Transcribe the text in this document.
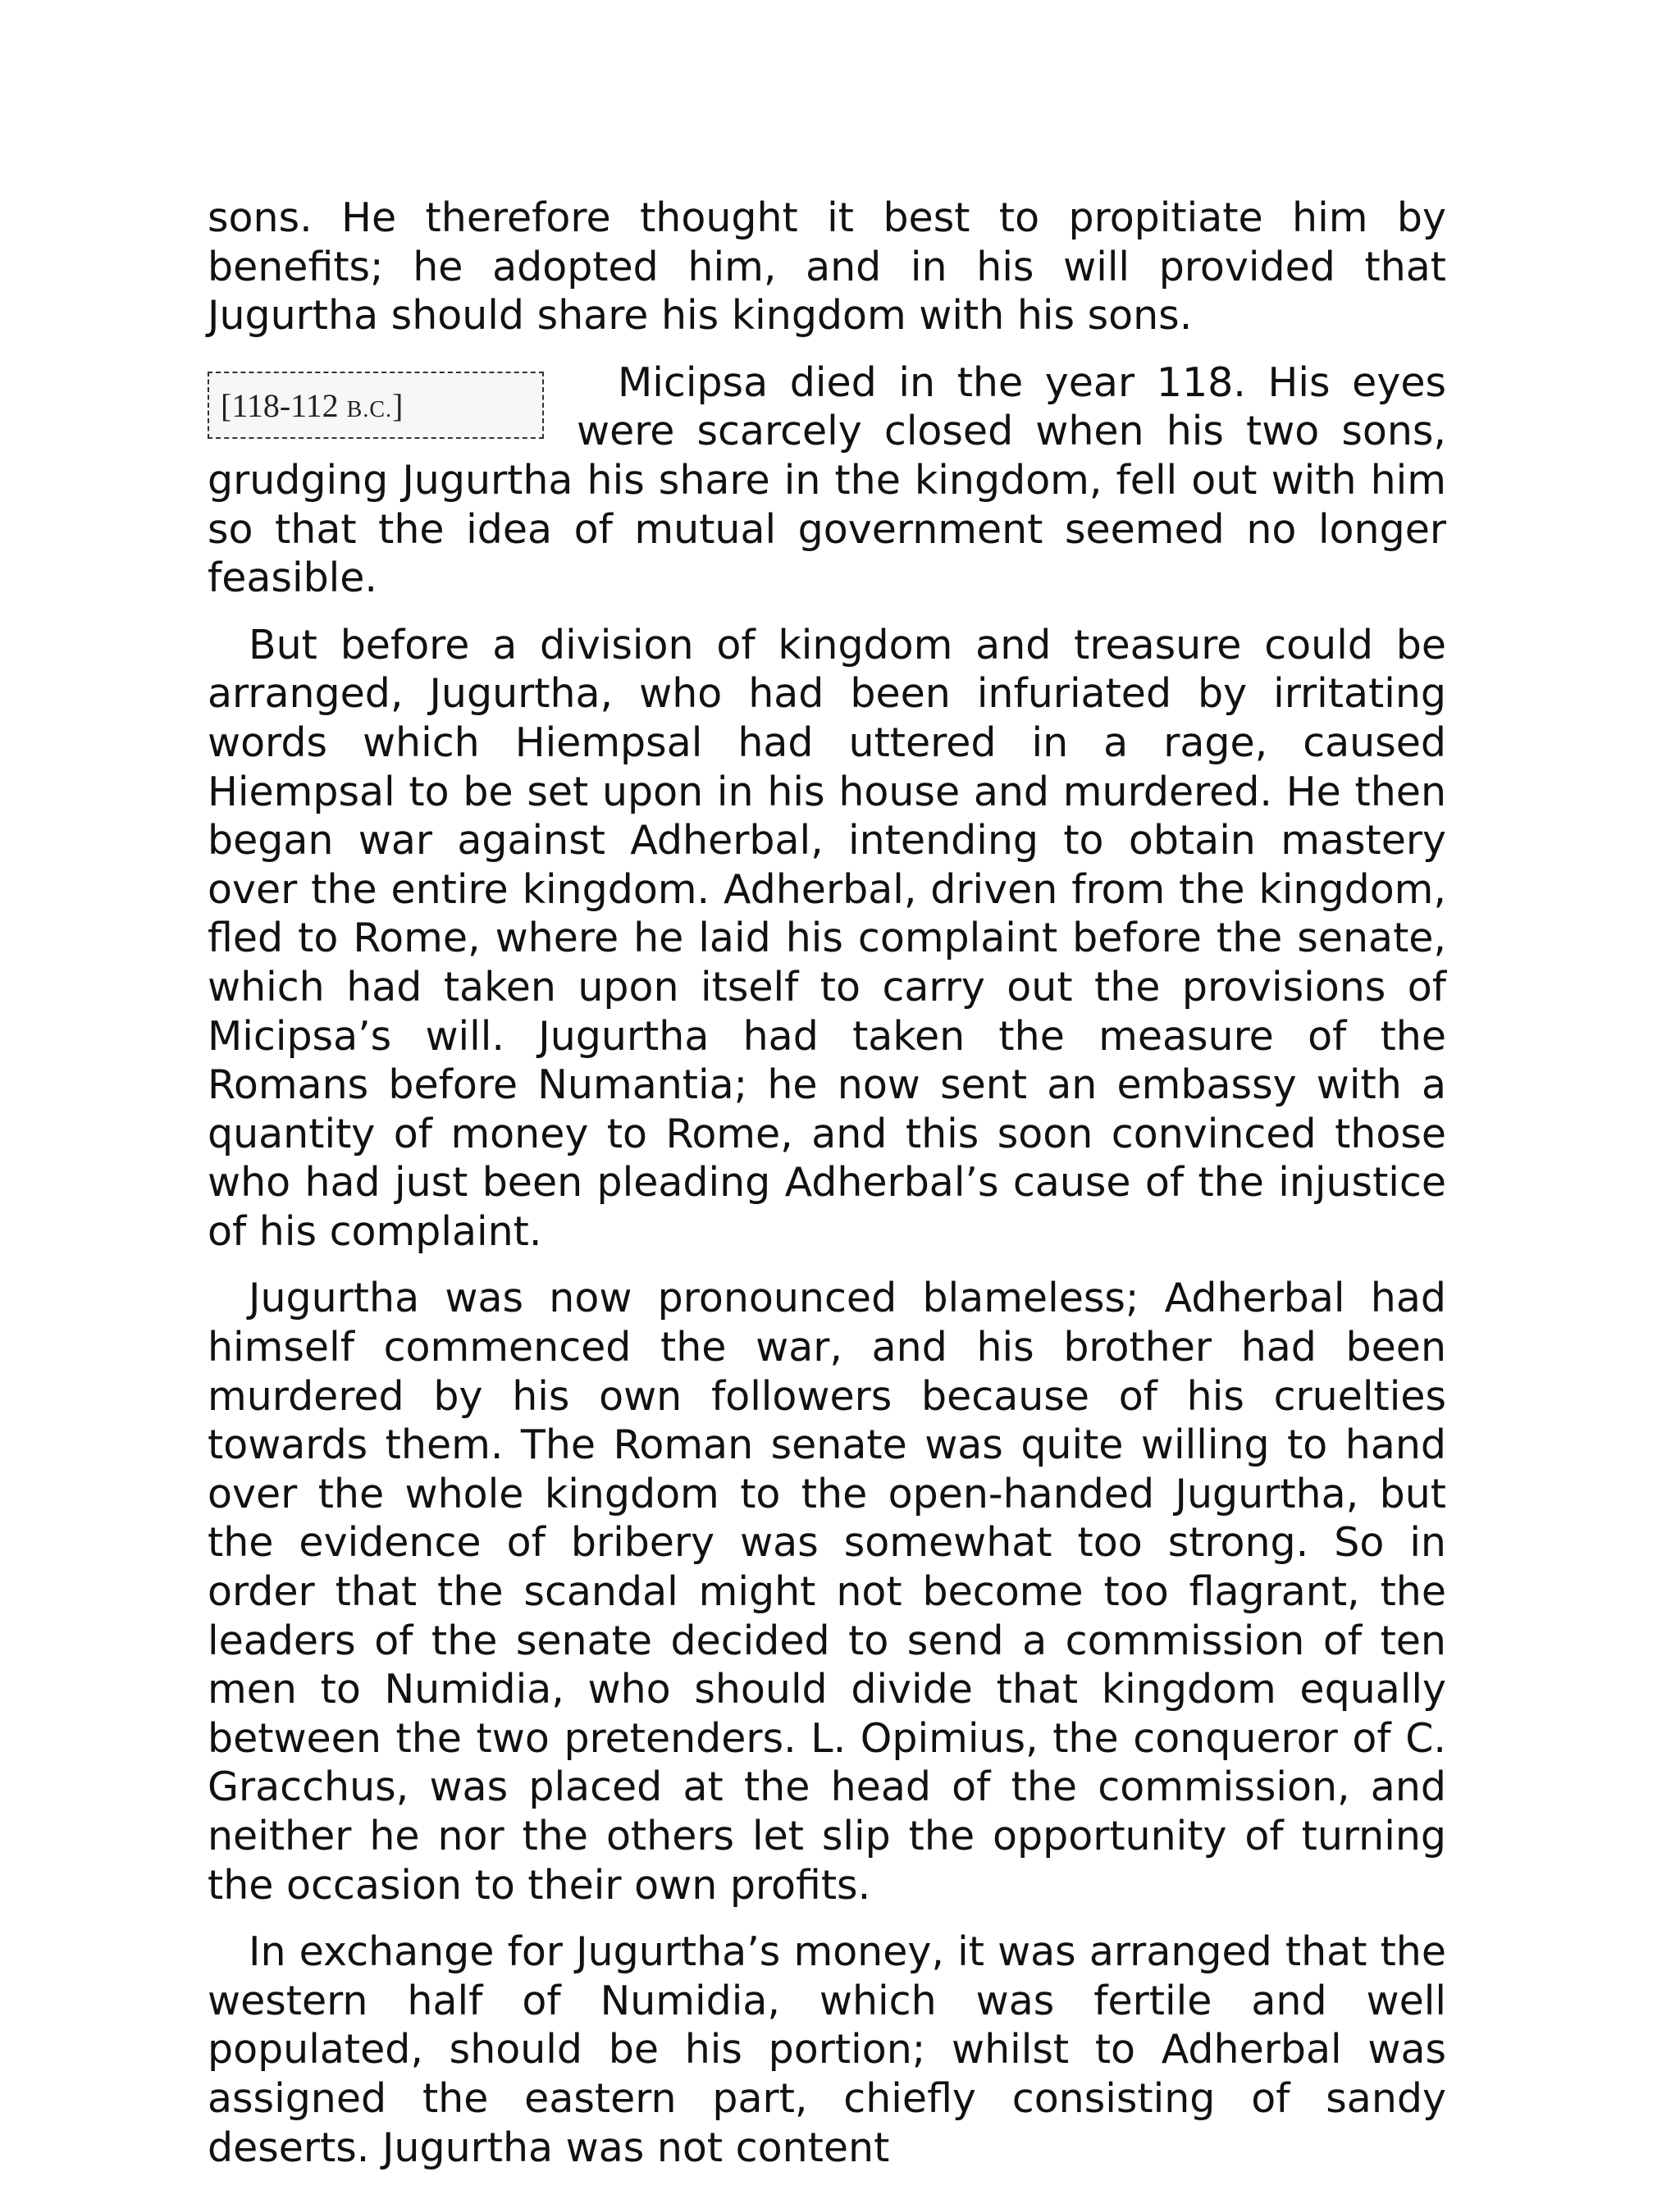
sons. He therefore thought it best to propitiate him by benefits; he adopted him, and in his will provided that Jugurtha should share his kingdom with his sons.

[118-112 B.C.]	Micipsa died in the year 118. His eyes were scarcely closed when his two sons, grudging Jugurtha his share in the kingdom, fell out with him so that the idea of mutual government seemed no longer feasible.

But before a division of kingdom and treasure could be arranged, Jugurtha, who had been infuriated by irritating words which Hiempsal had uttered in a rage, caused Hiempsal to be set upon in his house and murdered. He then began war against Adherbal, intending to obtain mastery over the entire kingdom. Adherbal, driven from the kingdom, fled to Rome, where he laid his complaint before the senate, which had taken upon itself to carry out the provisions of Micipsa’s will. Jugurtha had taken the measure of the Romans before Numantia; he now sent an embassy with a quantity of money to Rome, and this soon convinced those who had just been pleading Adherbal’s cause of the injustice of his complaint.

Jugurtha was now pronounced blameless; Adherbal had himself commenced the war, and his brother had been murdered by his own followers because of his cruelties towards them. The Roman senate was quite willing to hand over the whole kingdom to the open-handed Jugurtha, but the evidence of bribery was somewhat too strong. So in order that the scandal might not become too flagrant, the leaders of the senate decided to send a commission of ten men to Numidia, who should divide that kingdom equally between the two pretenders. L. Opimius, the conqueror of C. Gracchus, was placed at the head of the commission, and neither he nor the others let slip the opportunity of turning the occasion to their own profits.

In exchange for Jugurtha’s money, it was arranged that the western half of Numidia, which was fertile and well populated, should be his portion; whilst to Adherbal was assigned the eastern part, chiefly consisting of sandy deserts. Jugurtha was not content
